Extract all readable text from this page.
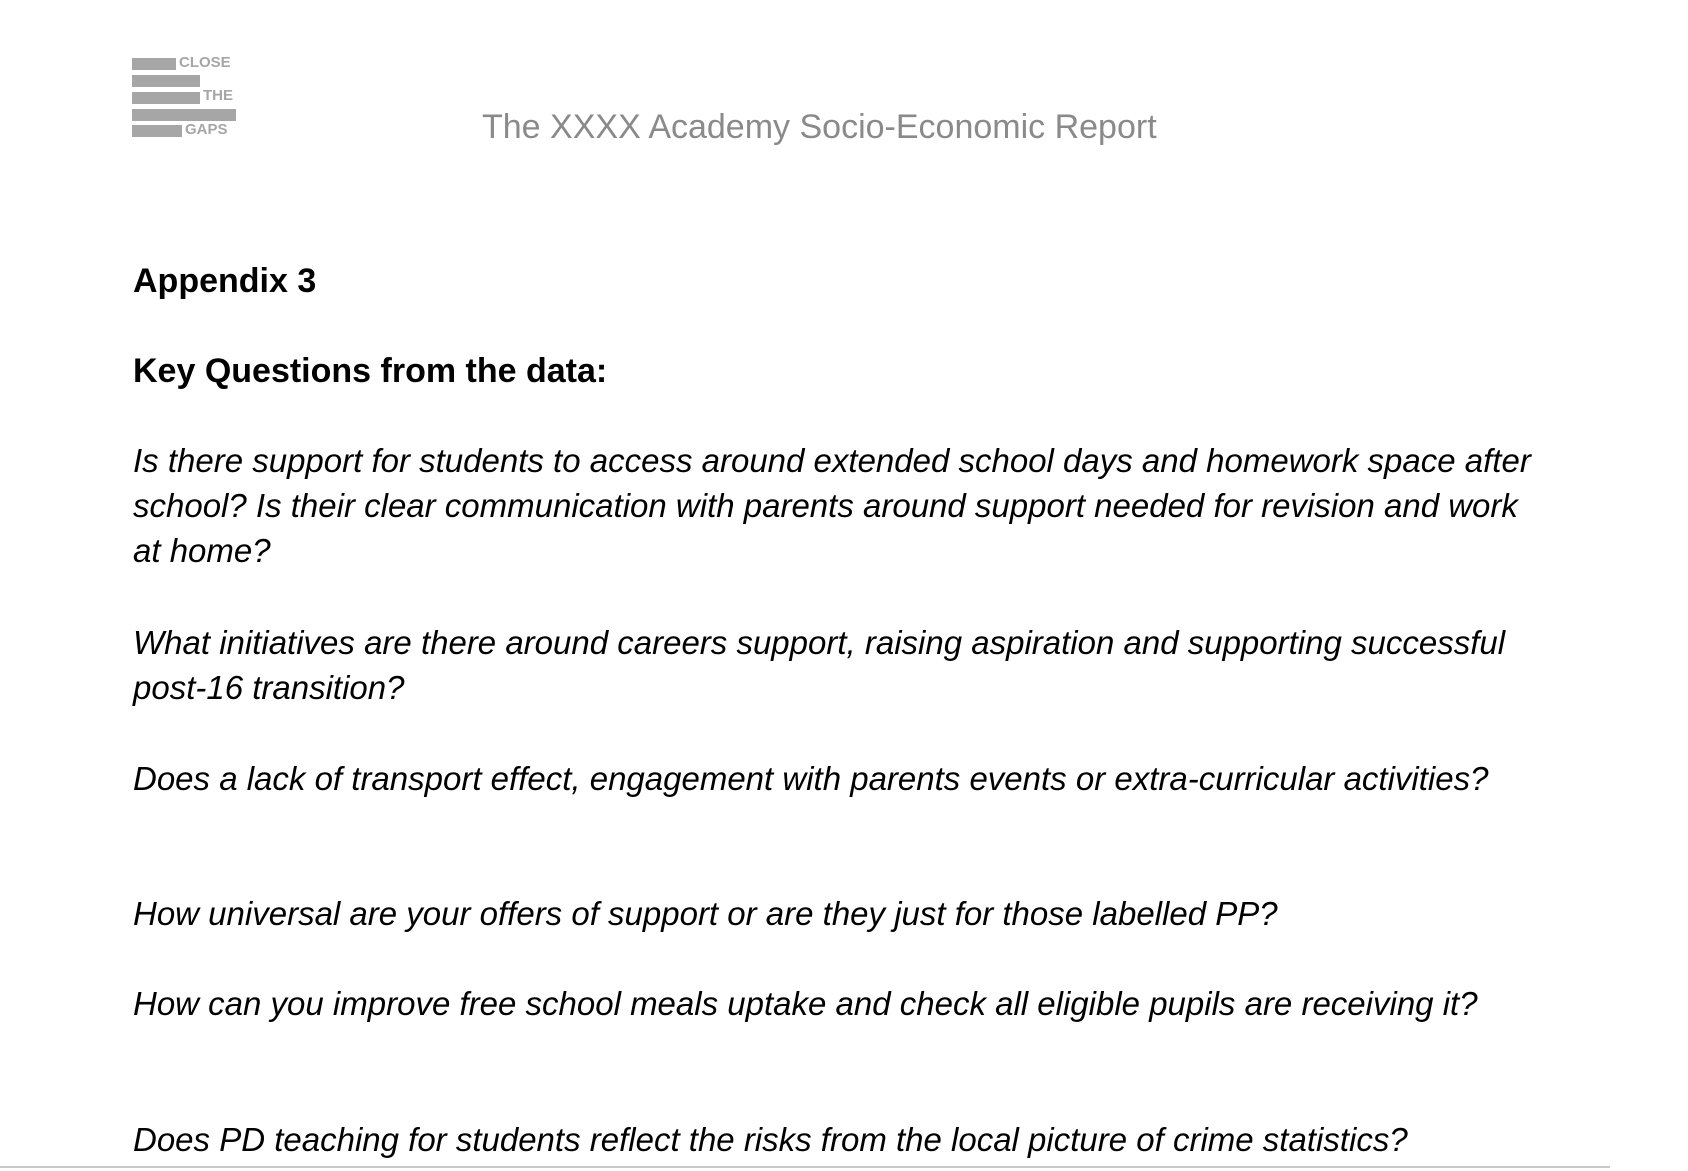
CLOSE
THE
GAPS	The XXXX Academy Socio-Economic Report
Appendix 3
Key Questions from the data:
Is there support for students to access around extended school days and homework space after school? Is their clear communication with parents around support needed for revision and work at home?
What initiatives are there around careers support, raising aspiration and supporting successful post-16 transition?
Does a lack of transport effect, engagement with parents events or extra-curricular activities?
How universal are your offers of support or are they just for those labelled PP?
How can you improve free school meals uptake and check all eligible pupils are receiving it?
Does PD teaching for students reflect the risks from the local picture of crime statistics?
